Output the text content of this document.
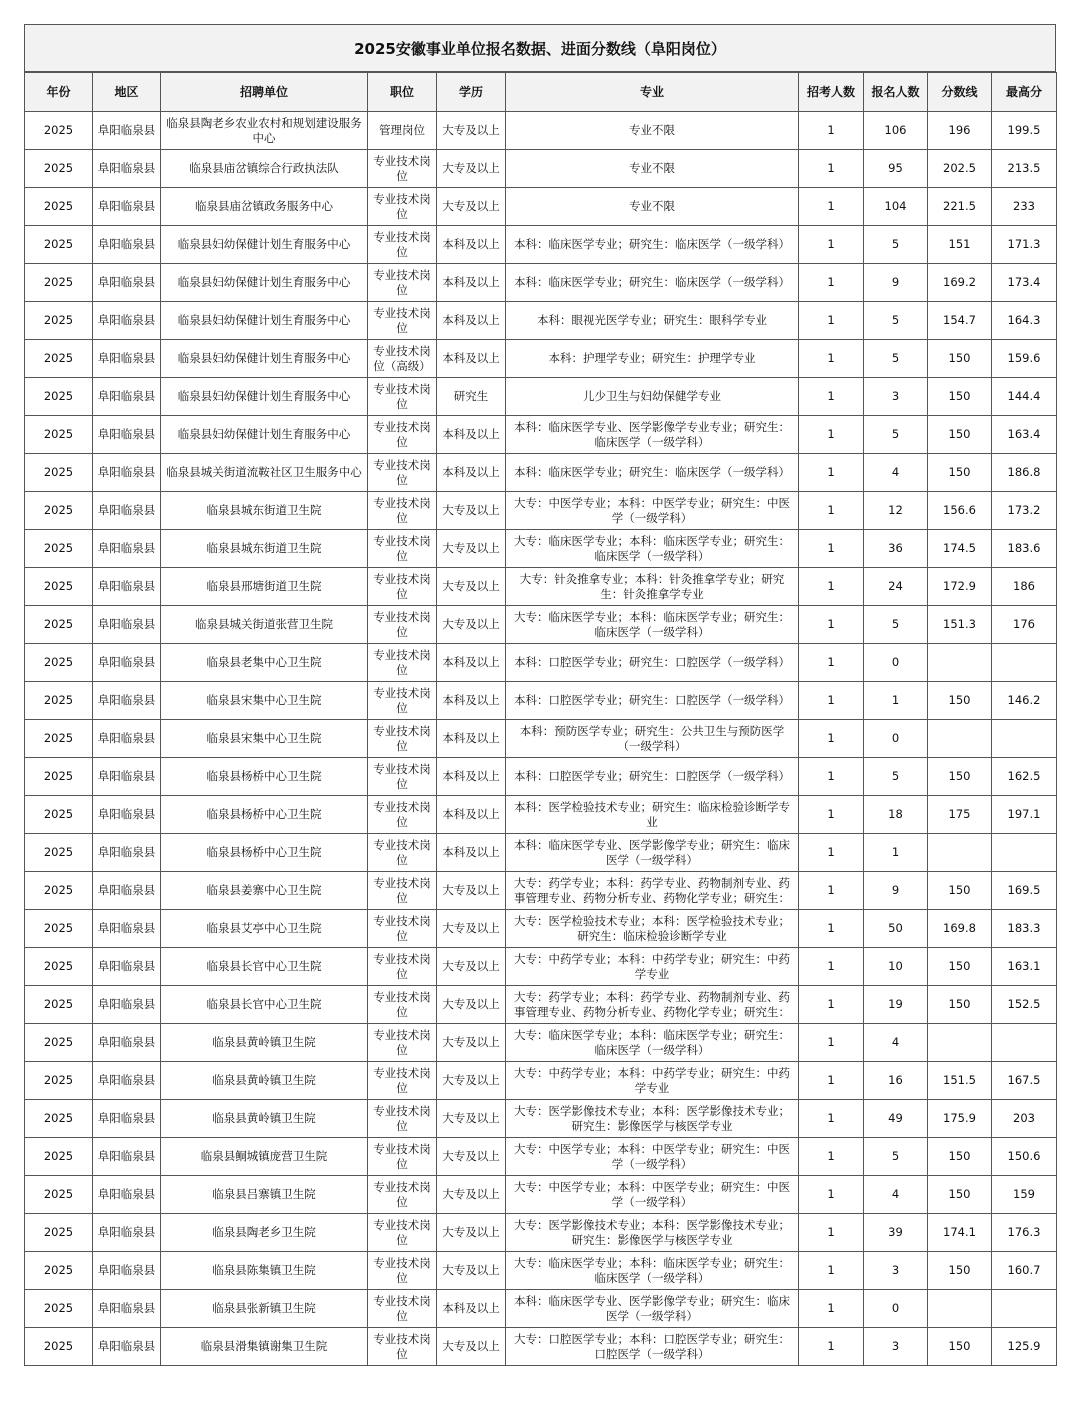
2025安徽事业单位报名数据、进面分数线（阜阳岗位）
年份	地区	招聘单位	职位	学历	专业	招考人数	报名人数	分数线	最高分

2025	阜阳临泉县	临泉县陶老乡农业农村和规划建设服务中心	管理岗位	大专及以上	专业不限	1	106	196	199.5

2025	阜阳临泉县	临泉县庙岔镇综合行政执法队	专业技术岗位	大专及以上	专业不限	1	95	202.5	213.5

2025	阜阳临泉县	临泉县庙岔镇政务服务中心	专业技术岗位	大专及以上	专业不限	1	104	221.5	233

2025	阜阳临泉县	临泉县妇幼保健计划生育服务中心	专业技术岗位	本科及以上	本科：临床医学专业；研究生：临床医学（一级学科）	1	5	151	171.3

2025	阜阳临泉县	临泉县妇幼保健计划生育服务中心	专业技术岗位	本科及以上	本科：临床医学专业；研究生：临床医学（一级学科）	1	9	169.2	173.4

2025	阜阳临泉县	临泉县妇幼保健计划生育服务中心	专业技术岗位	本科及以上	本科：眼视光医学专业；研究生：眼科学专业	1	5	154.7	164.3

2025	阜阳临泉县	临泉县妇幼保健计划生育服务中心	专业技术岗位（高级）	本科及以上	本科：护理学专业；研究生：护理学专业	1	5	150	159.6

2025	阜阳临泉县	临泉县妇幼保健计划生育服务中心	专业技术岗位	研究生	儿少卫生与妇幼保健学专业	1	3	150	144.4

2025	阜阳临泉县	临泉县妇幼保健计划生育服务中心	专业技术岗位	本科及以上	本科：临床医学专业、医学影像学专业专业；研究生：临床医学（一级学科）	1	5	150	163.4

2025	阜阳临泉县	临泉县城关街道流鞍社区卫生服务中心	专业技术岗位	本科及以上	本科：临床医学专业；研究生：临床医学（一级学科）	1	4	150	186.8

2025	阜阳临泉县	临泉县城东街道卫生院	专业技术岗位	大专及以上	大专：中医学专业；本科：中医学专业；研究生：中医学（一级学科）	1	12	156.6	173.2

2025	阜阳临泉县	临泉县城东街道卫生院	专业技术岗位	大专及以上	大专：临床医学专业；本科：临床医学专业；研究生：临床医学（一级学科）	1	36	174.5	183.6

2025	阜阳临泉县	临泉县邢塘街道卫生院	专业技术岗位	大专及以上	大专：针灸推拿专业；本科：针灸推拿学专业；研究生：针灸推拿学专业	1	24	172.9	186

2025	阜阳临泉县	临泉县城关街道张营卫生院	专业技术岗位	大专及以上	大专：临床医学专业；本科：临床医学专业；研究生：临床医学（一级学科）	1	5	151.3	176

2025	阜阳临泉县	临泉县老集中心卫生院	专业技术岗位	本科及以上	本科：口腔医学专业；研究生：口腔医学（一级学科）	1	0		

2025	阜阳临泉县	临泉县宋集中心卫生院	专业技术岗位	本科及以上	本科：口腔医学专业；研究生：口腔医学（一级学科）	1	1	150	146.2

2025	阜阳临泉县	临泉县宋集中心卫生院	专业技术岗位	本科及以上	本科：预防医学专业；研究生：公共卫生与预防医学（一级学科）	1	0		

2025	阜阳临泉县	临泉县杨桥中心卫生院	专业技术岗位	本科及以上	本科：口腔医学专业；研究生：口腔医学（一级学科）	1	5	150	162.5

2025	阜阳临泉县	临泉县杨桥中心卫生院	专业技术岗位	本科及以上	本科：医学检验技术专业；研究生：临床检验诊断学专业	1	18	175	197.1

2025	阜阳临泉县	临泉县杨桥中心卫生院	专业技术岗位	本科及以上	本科：临床医学专业、医学影像学专业；研究生：临床医学（一级学科）	1	1		

2025	阜阳临泉县	临泉县姜寨中心卫生院	专业技术岗位	大专及以上	大专：药学专业；本科：药学专业、药物制剂专业、药事管理专业、药物分析专业、药物化学专业；研究生：	1	9	150	169.5

2025	阜阳临泉县	临泉县艾亭中心卫生院	专业技术岗位	大专及以上	大专：医学检验技术专业；本科：医学检验技术专业；研究生：临床检验诊断学专业	1	50	169.8	183.3

2025	阜阳临泉县	临泉县长官中心卫生院	专业技术岗位	大专及以上	大专：中药学专业；本科：中药学专业；研究生：中药学专业	1	10	150	163.1

2025	阜阳临泉县	临泉县长官中心卫生院	专业技术岗位	大专及以上	大专：药学专业；本科：药学专业、药物制剂专业、药事管理专业、药物分析专业、药物化学专业；研究生：	1	19	150	152.5

2025	阜阳临泉县	临泉县黄岭镇卫生院	专业技术岗位	大专及以上	大专：临床医学专业；本科：临床医学专业；研究生：临床医学（一级学科）	1	4		

2025	阜阳临泉县	临泉县黄岭镇卫生院	专业技术岗位	大专及以上	大专：中药学专业；本科：中药学专业；研究生：中药学专业	1	16	151.5	167.5

2025	阜阳临泉县	临泉县黄岭镇卫生院	专业技术岗位	大专及以上	大专：医学影像技术专业；本科：医学影像技术专业；研究生：影像医学与核医学专业	1	49	175.9	203

2025	阜阳临泉县	临泉县鲖城镇庞营卫生院	专业技术岗位	大专及以上	大专：中医学专业；本科：中医学专业；研究生：中医学（一级学科）	1	5	150	150.6

2025	阜阳临泉县	临泉县吕寨镇卫生院	专业技术岗位	大专及以上	大专：中医学专业；本科：中医学专业；研究生：中医学（一级学科）	1	4	150	159

2025	阜阳临泉县	临泉县陶老乡卫生院	专业技术岗位	大专及以上	大专：医学影像技术专业；本科：医学影像技术专业；研究生：影像医学与核医学专业	1	39	174.1	176.3

2025	阜阳临泉县	临泉县陈集镇卫生院	专业技术岗位	大专及以上	大专：临床医学专业；本科：临床医学专业；研究生：临床医学（一级学科）	1	3	150	160.7

2025	阜阳临泉县	临泉县张新镇卫生院	专业技术岗位	本科及以上	本科：临床医学专业、医学影像学专业；研究生：临床医学（一级学科）	1	0		

2025	阜阳临泉县	临泉县滑集镇谢集卫生院	专业技术岗位	大专及以上	大专：口腔医学专业；本科：口腔医学专业；研究生：口腔医学（一级学科）	1	3	150	125.9
